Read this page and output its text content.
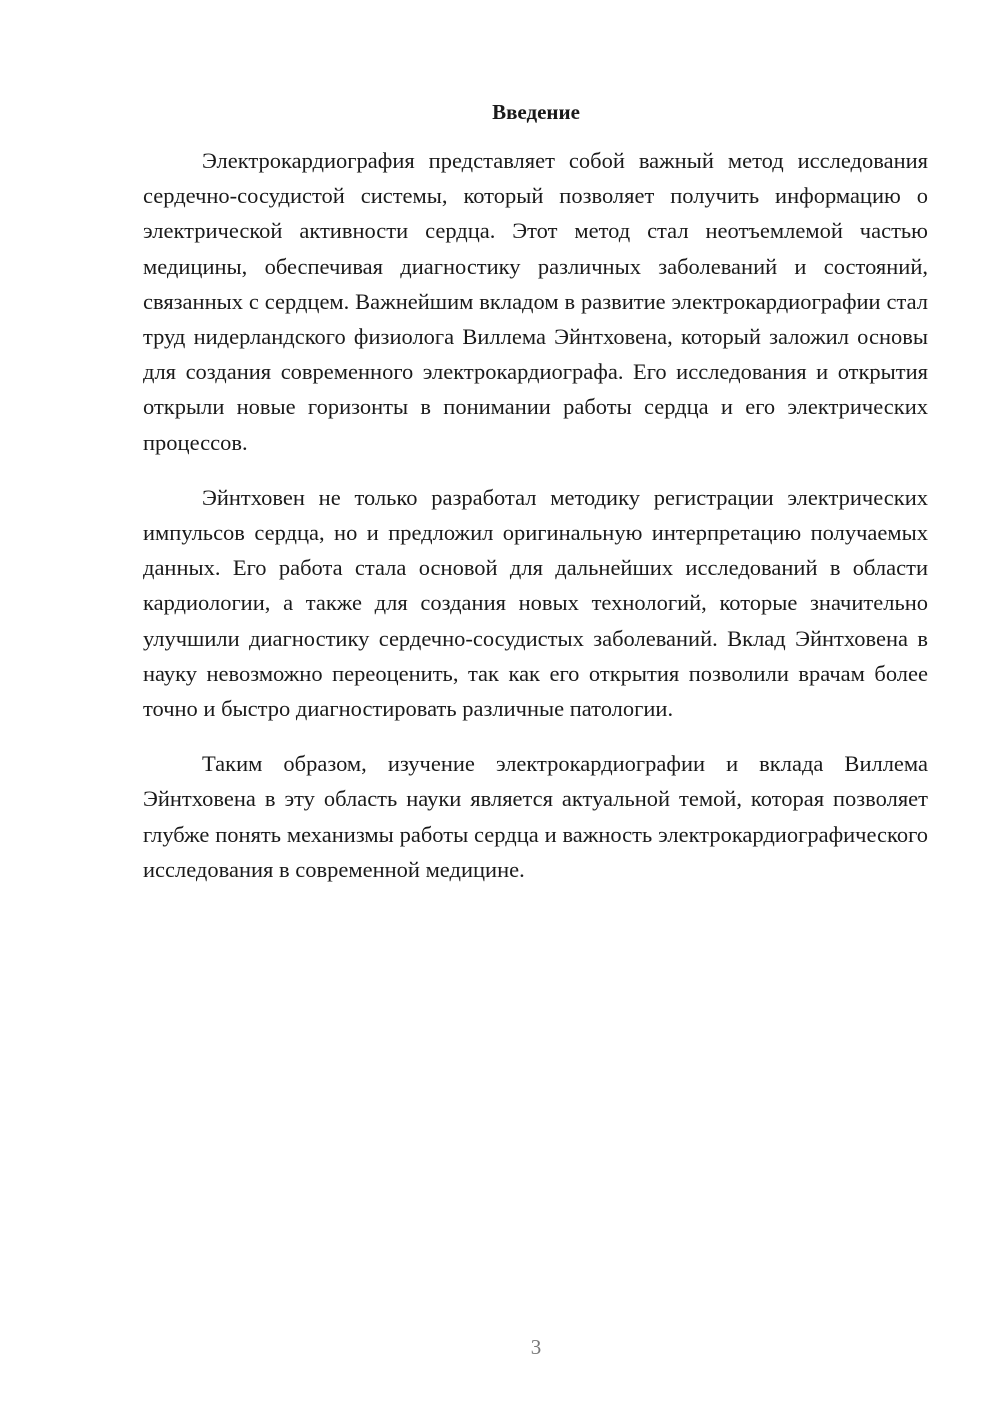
Введение

Электрокардиография представляет собой важный метод исследования сердечно-сосудистой системы, который позволяет получить информацию о электрической активности сердца. Этот метод стал неотъемлемой частью медицины, обеспечивая диагностику различных заболеваний и состояний, связанных с сердцем. Важнейшим вкладом в развитие электрокардиографии стал труд нидерландского физиолога Виллема Эйнтховена, который заложил основы для создания современного электрокардиографа. Его исследования и открытия открыли новые горизонты в понимании работы сердца и его электрических процессов.

Эйнтховен не только разработал методику регистрации электрических импульсов сердца, но и предложил оригинальную интерпретацию получаемых данных. Его работа стала основой для дальнейших исследований в области кардиологии, а также для создания новых технологий, которые значительно улучшили диагностику сердечно-сосудистых заболеваний. Вклад Эйнтховена в науку невозможно переоценить, так как его открытия позволили врачам более точно и быстро диагностировать различные патологии.

Таким образом, изучение электрокардиографии и вклада Виллема Эйнтховена в эту область науки является актуальной темой, которая позволяет глубже понять механизмы работы сердца и важность электрокардиографического исследования в современной медицине.

3
